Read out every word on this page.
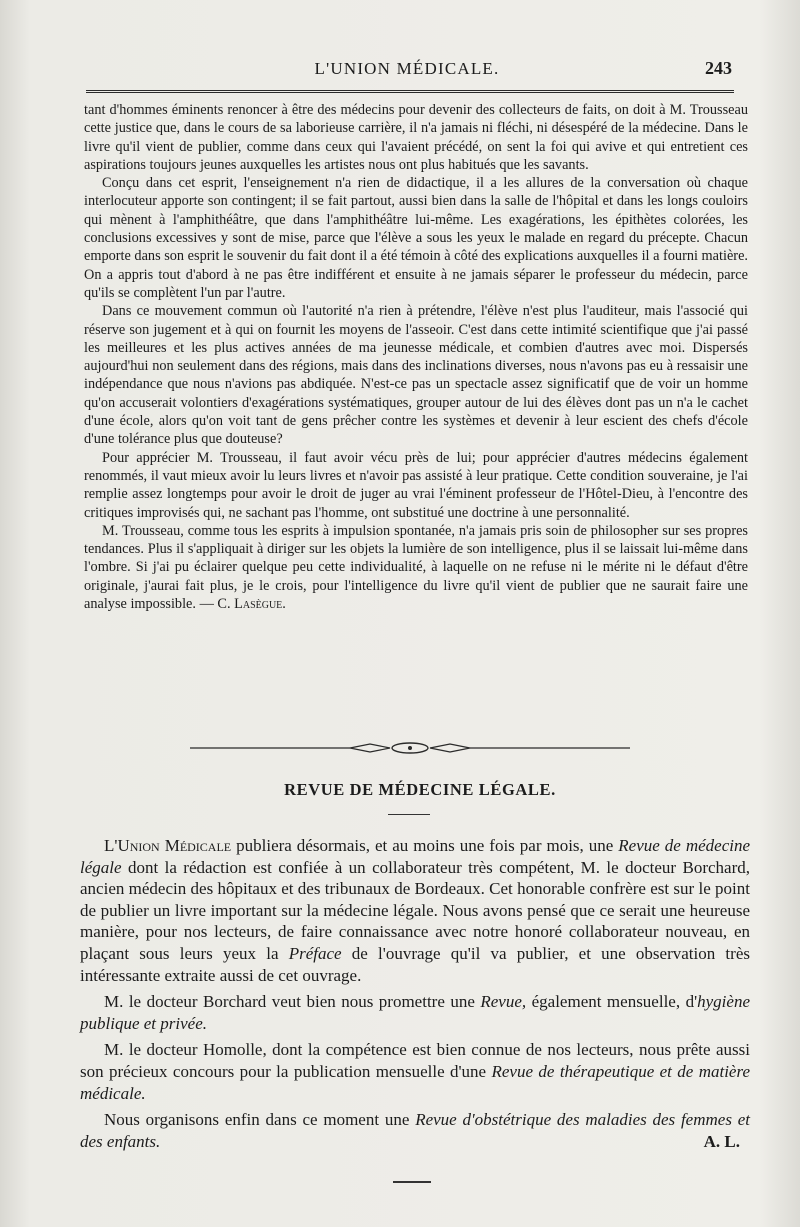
L'UNION MÉDICALE.	243

tant d'hommes éminents renoncer à être des médecins pour devenir des collecteurs de faits, on doit à M. Trousseau cette justice que, dans le cours de sa laborieuse carrière, il n'a jamais ni fléchi, ni désespéré de la médecine. Dans le livre qu'il vient de publier, comme dans ceux qui l'avaient précédé, on sent la foi qui avive et qui entretient ces aspirations toujours jeunes auxquelles les artistes nous ont plus habitués que les savants.

Conçu dans cet esprit, l'enseignement n'a rien de didactique, il a les allures de la conversation où chaque interlocuteur apporte son contingent; il se fait partout, aussi bien dans la salle de l'hôpital et dans les longs couloirs qui mènent à l'amphithéâtre, que dans l'amphithéâtre lui-même. Les exagérations, les épithètes colorées, les conclusions excessives y sont de mise, parce que l'élève a sous les yeux le malade en regard du précepte. Chacun emporte dans son esprit le souvenir du fait dont il a été témoin à côté des explications auxquelles il a fourni matière. On a appris tout d'abord à ne pas être indifférent et ensuite à ne jamais séparer le professeur du médecin, parce qu'ils se complètent l'un par l'autre.

Dans ce mouvement commun où l'autorité n'a rien à prétendre, l'élève n'est plus l'auditeur, mais l'associé qui réserve son jugement et à qui on fournit les moyens de l'asseoir. C'est dans cette intimité scientifique que j'ai passé les meilleures et les plus actives années de ma jeunesse médicale, et combien d'autres avec moi. Dispersés aujourd'hui non seulement dans des régions, mais dans des inclinations diverses, nous n'avons pas eu à ressaisir une indépendance que nous n'avions pas abdiquée. N'est-ce pas un spectacle assez significatif que de voir un homme qu'on accuserait volontiers d'exagérations systématiques, grouper autour de lui des élèves dont pas un n'a le cachet d'une école, alors qu'on voit tant de gens prêcher contre les systèmes et devenir à leur escient des chefs d'école d'une tolérance plus que douteuse?

Pour apprécier M. Trousseau, il faut avoir vécu près de lui; pour apprécier d'autres médecins également renommés, il vaut mieux avoir lu leurs livres et n'avoir pas assisté à leur pratique. Cette condition souveraine, je l'ai remplie assez longtemps pour avoir le droit de juger au vrai l'éminent professeur de l'Hôtel-Dieu, à l'encontre des critiques improvisés qui, ne sachant pas l'homme, ont substitué une doctrine à une personnalité.

M. Trousseau, comme tous les esprits à impulsion spontanée, n'a jamais pris soin de philosopher sur ses propres tendances. Plus il s'appliquait à diriger sur les objets la lumière de son intelligence, plus il se laissait lui-même dans l'ombre. Si j'ai pu éclairer quelque peu cette individualité, à laquelle on ne refuse ni le mérite ni le défaut d'être originale, j'aurai fait plus, je le crois, pour l'intelligence du livre qu'il vient de publier que ne saurait faire une analyse impossible. — C. Lasègue.

REVUE DE MÉDECINE LÉGALE.

L'Union Médicale publiera désormais, et au moins une fois par mois, une Revue de médecine légale dont la rédaction est confiée à un collaborateur très compétent, M. le docteur Borchard, ancien médecin des hôpitaux et des tribunaux de Bordeaux. Cet honorable confrère est sur le point de publier un livre important sur la médecine légale. Nous avons pensé que ce serait une heureuse manière, pour nos lecteurs, de faire connaissance avec notre honoré collaborateur nouveau, en plaçant sous leurs yeux la Préface de l'ouvrage qu'il va publier, et une observation très intéressante extraite aussi de cet ouvrage.

M. le docteur Borchard veut bien nous promettre une Revue, également mensuelle, d'hygiène publique et privée.

M. le docteur Homolle, dont la compétence est bien connue de nos lecteurs, nous prête aussi son précieux concours pour la publication mensuelle d'une Revue de thérapeutique et de matière médicale.

Nous organisons enfin dans ce moment une Revue d'obstétrique des maladies des femmes et des enfants.	A. L.
